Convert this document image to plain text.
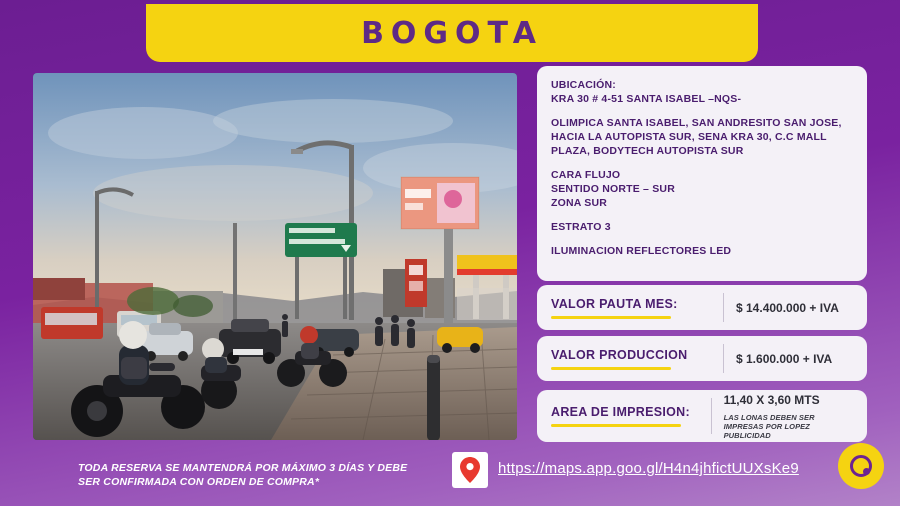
BOGOTA
UBICACIÓN:
KRA 30 # 4-51 SANTA ISABEL –NQS-
OLIMPICA SANTA ISABEL, SAN ANDRESITO SAN JOSE,
HACIA LA AUTOPISTA SUR, SENA KRA 30, C.C MALL
PLAZA, BODYTECH AUTOPISTA SUR
CARA FLUJO
SENTIDO NORTE – SUR
ZONA SUR
ESTRATO 3
ILUMINACION REFLECTORES LED
VALOR PAUTA MES:	$ 14.400.000 + IVA
VALOR PRODUCCION	$ 1.600.000 + IVA
AREA DE IMPRESION:
11,40 X 3,60 MTS
LAS LONAS DEBEN SER IMPRESAS POR LOPEZ PUBLICIDAD
TODA RESERVA SE MANTENDRÁ POR MÁXIMO 3 DÍAS Y DEBE
SER CONFIRMADA CON ORDEN DE COMPRA*
https://maps.app.goo.gl/H4n4jhfictUUXsKe9
